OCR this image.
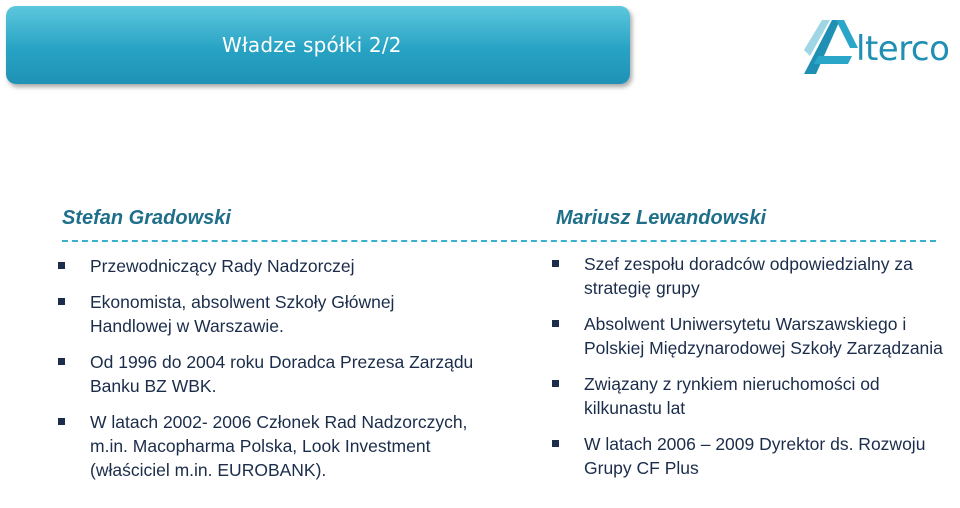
Władze spółki 2/2	lterco
Stefan Gradowski	Mariusz Lewandowski
Przewodniczący Rady Nadzorczej
Ekonomista, absolwent Szkoły Głównej Handlowej w Warszawie.
Od 1996 do 2004 roku Doradca Prezesa Zarządu Banku BZ WBK.
W latach 2002- 2006 Członek Rad Nadzorczych, m.in. Macopharma Polska, Look Investment (właściciel m.in. EUROBANK).
Szef zespołu doradców odpowiedzialny za strategię grupy
Absolwent Uniwersytetu Warszawskiego i Polskiej Międzynarodowej Szkoły Zarządzania
Związany z rynkiem nieruchomości od kilkunastu lat
W latach 2006 – 2009 Dyrektor ds. Rozwoju Grupy CF Plus
